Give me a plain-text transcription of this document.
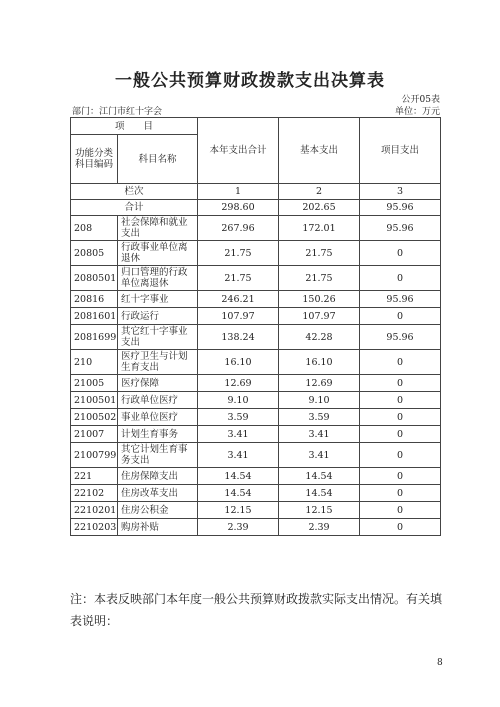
一般公共预算财政拨款支出决算表
公开05表
部门：江门市红十字会	单位：万元
项　　目		本年支出合计	基本支出	项目支出
功能分类科目编码	科目名称			
栏次		1	2	3
合计		298.60	202.65	95.96
208	社会保障和就业支出	267.96	172.01	95.96
20805	行政事业单位离退休	21.75	21.75	0
2080501	归口管理的行政单位离退休	21.75	21.75	0
20816	红十字事业	246.21	150.26	95.96
2081601	行政运行	107.97	107.97	0
2081699	其它红十字事业支出	138.24	42.28	95.96
210	医疗卫生与计划生育支出	16.10	16.10	0
21005	医疗保障	12.69	12.69	0
2100501	行政单位医疗	9.10	9.10	0
2100502	事业单位医疗	3.59	3.59	0
21007	计划生育事务	3.41	3.41	0
2100799	其它计划生育事务支出	3.41	3.41	0
221	住房保障支出	14.54	14.54	0
22102	住房改革支出	14.54	14.54	0
2210201	住房公积金	12.15	12.15	0
2210203	购房补贴	2.39	2.39	0
注：本表反映部门本年度一般公共预算财政拨款实际支出情况。有关填表说明：
8
